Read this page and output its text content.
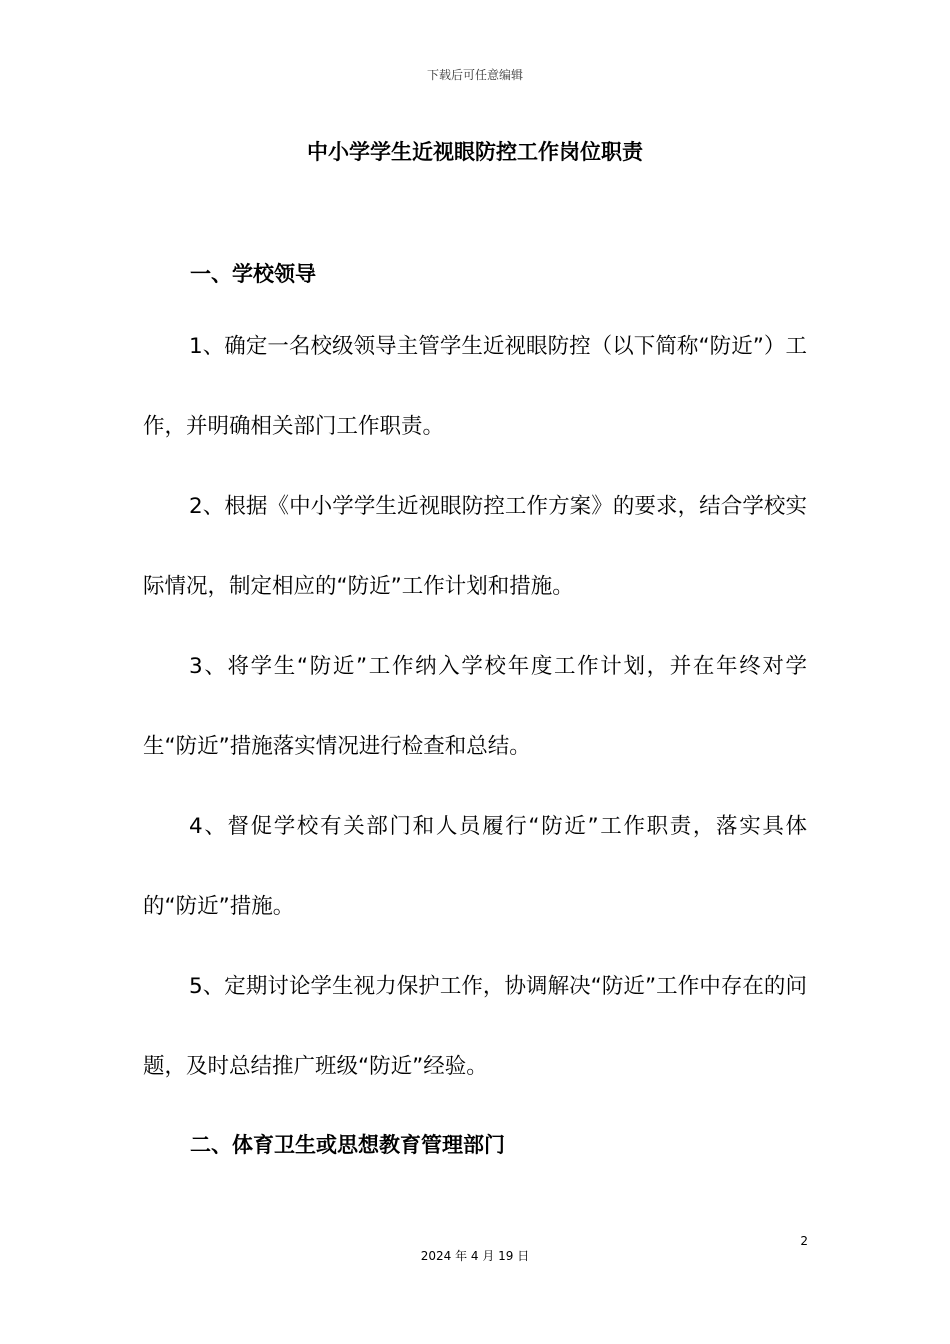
下载后可任意编辑
中小学学生近视眼防控工作岗位职责
一、学校领导

1、确定一名校级领导主管学生近视眼防控（以下简称“防近”）工作，并明确相关部门工作职责。

2、根据《中小学学生近视眼防控工作方案》的要求，结合学校实际情况，制定相应的“防近”工作计划和措施。

3、将学生“防近”工作纳入学校年度工作计划，并在年终对学生“防近”措施落实情况进行检查和总结。

4、督促学校有关部门和人员履行“防近”工作职责，落实具体的“防近”措施。

5、定期讨论学生视力保护工作，协调解决“防近”工作中存在的问题，及时总结推广班级“防近”经验。

二、体育卫生或思想教育管理部门
2
2024 年 4 月 19 日
